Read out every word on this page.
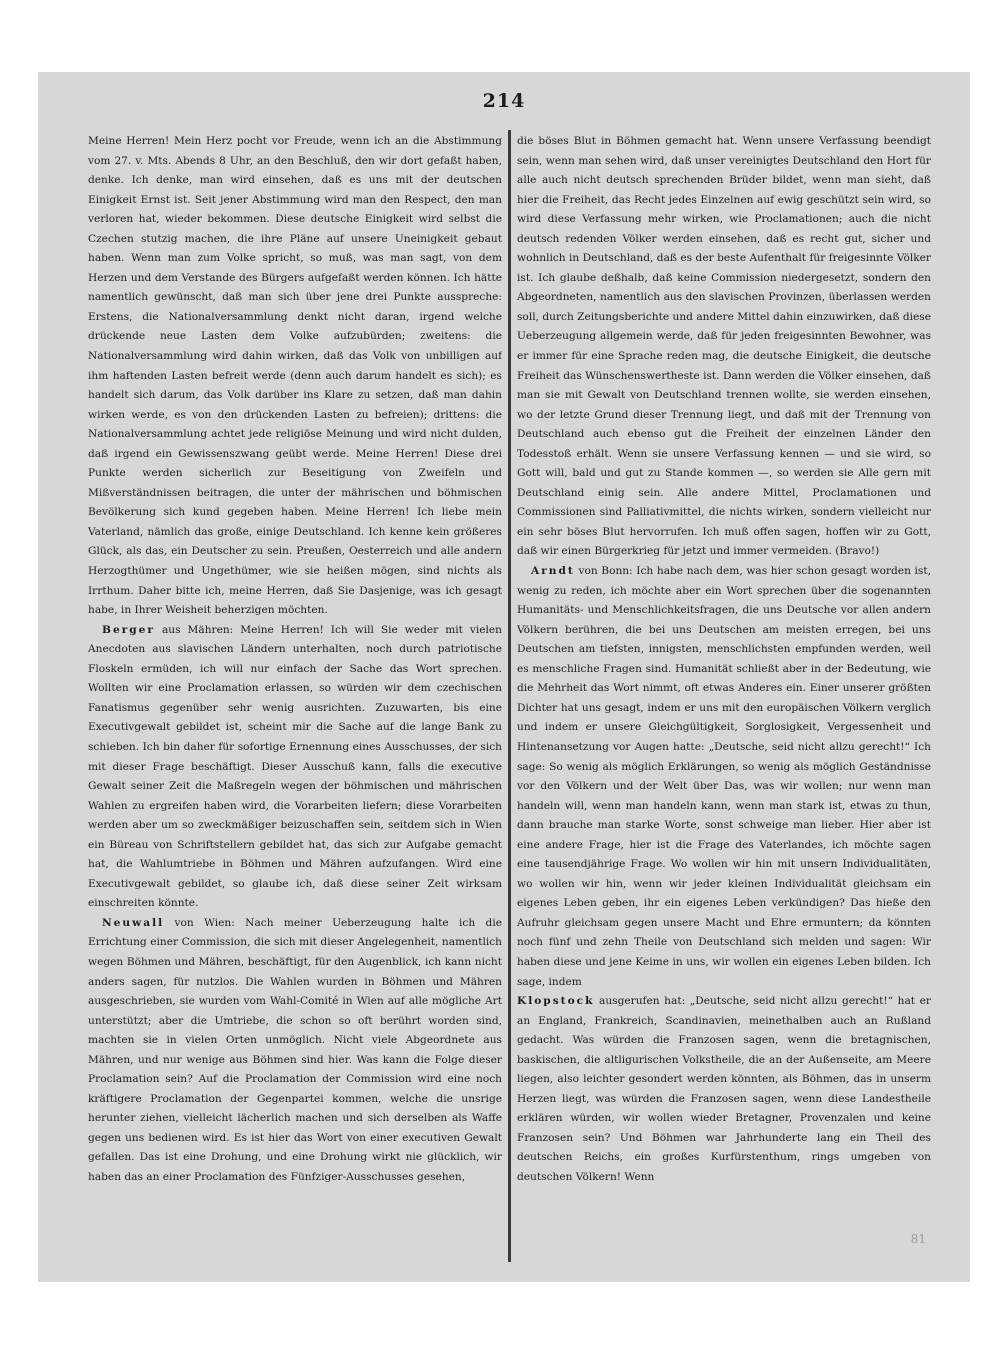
214

Meine Herren! Mein Herz pocht vor Freude, wenn ich an die Abstimmung vom 27. v. Mts. Abends 8 Uhr, an den Beschluß, den wir dort gefaßt haben, denke. Ich denke, man wird einsehen, daß es uns mit der deutschen Einigkeit Ernst ist. Seit jener Abstimmung wird man den Respect, den man verloren hat, wieder bekommen. Diese deutsche Einigkeit wird selbst die Czechen stutzig machen, die ihre Pläne auf unsere Uneinigkeit gebaut haben. Wenn man zum Volke spricht, so muß, was man sagt, von dem Herzen und dem Verstande des Bürgers aufgefaßt werden können. Ich hätte namentlich gewünscht, daß man sich über jene drei Punkte ausspreche: Erstens, die Nationalversammlung denkt nicht daran, irgend welche drückende neue Lasten dem Volke aufzubürden; zweitens: die Nationalversammlung wird dahin wirken, daß das Volk von unbilligen auf ihm haftenden Lasten befreit werde (denn auch darum handelt es sich); es handelt sich darum, das Volk darüber ins Klare zu setzen, daß man dahin wirken werde, es von den drückenden Lasten zu befreien); drittens: die Nationalversammlung achtet jede religiöse Meinung und wird nicht dulden, daß irgend ein Gewissenszwang geübt werde. Meine Herren! Diese drei Punkte werden sicherlich zur Beseitigung von Zweifeln und Mißverständnissen beitragen, die unter der mährischen und böhmischen Bevölkerung sich kund gegeben haben. Meine Herren! Ich liebe mein Vaterland, nämlich das große, einige Deutschland. Ich kenne kein größeres Glück, als das, ein Deutscher zu sein. Preußen, Oesterreich und alle andern Herzogthümer und Ungethümer, wie sie heißen mögen, sind nichts als Irrthum. Daher bitte ich, meine Herren, daß Sie Dasjenige, was ich gesagt habe, in Ihrer Weisheit beherzigen möchten.

Berger aus Mähren: Meine Herren! Ich will Sie weder mit vielen Anecdoten aus slavischen Ländern unterhalten, noch durch patriotische Floskeln ermüden, ich will nur einfach der Sache das Wort sprechen. Wollten wir eine Proclamation erlassen, so würden wir dem czechischen Fanatismus gegenüber sehr wenig ausrichten. Zuzuwarten, bis eine Executivgewalt gebildet ist, scheint mir die Sache auf die lange Bank zu schieben. Ich bin daher für sofortige Ernennung eines Ausschusses, der sich mit dieser Frage beschäftigt. Dieser Ausschuß kann, falls die executive Gewalt seiner Zeit die Maßregeln wegen der böhmischen und mährischen Wahlen zu ergreifen haben wird, die Vorarbeiten liefern; diese Vorarbeiten werden aber um so zweckmäßiger beizuschaffen sein, seitdem sich in Wien ein Büreau von Schriftstellern gebildet hat, das sich zur Aufgabe gemacht hat, die Wahlumtriebe in Böhmen und Mähren aufzufangen. Wird eine Executivgewalt gebildet, so glaube ich, daß diese seiner Zeit wirksam einschreiten könnte.

Neuwall von Wien: Nach meiner Ueberzeugung halte ich die Errichtung einer Commission, die sich mit dieser Angelegenheit, namentlich wegen Böhmen und Mähren, beschäftigt, für den Augenblick, ich kann nicht anders sagen, für nutzlos. Die Wahlen wurden in Böhmen und Mähren ausgeschrieben, sie wurden vom Wahl-Comité in Wien auf alle mögliche Art unterstützt; aber die Umtriebe, die schon so oft berührt worden sind, machten sie in vielen Orten unmöglich. Nicht viele Abgeordnete aus Mähren, und nur wenige aus Böhmen sind hier. Was kann die Folge dieser Proclamation sein? Auf die Proclamation der Commission wird eine noch kräftigere Proclamation der Gegenpartei kommen, welche die unsrige herunter ziehen, vielleicht lächerlich machen und sich derselben als Waffe gegen uns bedienen wird. Es ist hier das Wort von einer executiven Gewalt gefallen. Das ist eine Drohung, und eine Drohung wirkt nie glücklich, wir haben das an einer Proclamation des Fünfziger-Ausschusses gesehen,

die böses Blut in Böhmen gemacht hat. Wenn unsere Verfassung beendigt sein, wenn man sehen wird, daß unser vereinigtes Deutschland den Hort für alle auch nicht deutsch sprechenden Brüder bildet, wenn man sieht, daß hier die Freiheit, das Recht jedes Einzelnen auf ewig geschützt sein wird, so wird diese Verfassung mehr wirken, wie Proclamationen; auch die nicht deutsch redenden Völker werden einsehen, daß es recht gut, sicher und wohnlich in Deutschland, daß es der beste Aufenthalt für freigesinnte Völker ist. Ich glaube deßhalb, daß keine Commission niedergesetzt, sondern den Abgeordneten, namentlich aus den slavischen Provinzen, überlassen werden soll, durch Zeitungsberichte und andere Mittel dahin einzuwirken, daß diese Ueberzeugung allgemein werde, daß für jeden freigesinnten Bewohner, was er immer für eine Sprache reden mag, die deutsche Einigkeit, die deutsche Freiheit das Wünschenswertheste ist. Dann werden die Völker einsehen, daß man sie mit Gewalt von Deutschland trennen wollte, sie werden einsehen, wo der letzte Grund dieser Trennung liegt, und daß mit der Trennung von Deutschland auch ebenso gut die Freiheit der einzelnen Länder den Todesstoß erhält. Wenn sie unsere Verfassung kennen — und sie wird, so Gott will, bald und gut zu Stande kommen —, so werden sie Alle gern mit Deutschland einig sein. Alle andere Mittel, Proclamationen und Commissionen sind Palliativmittel, die nichts wirken, sondern vielleicht nur ein sehr böses Blut hervorrufen. Ich muß offen sagen, hoffen wir zu Gott, daß wir einen Bürgerkrieg für jetzt und immer vermeiden. (Bravo!)

Arndt von Bonn: Ich habe nach dem, was hier schon gesagt worden ist, wenig zu reden, ich möchte aber ein Wort sprechen über die sogenannten Humanitäts- und Menschlichkeitsfragen, die uns Deutsche vor allen andern Völkern berühren, die bei uns Deutschen am meisten erregen, bei uns Deutschen am tiefsten, innigsten, menschlichsten empfunden werden, weil es menschliche Fragen sind. Humanität schließt aber in der Bedeutung, wie die Mehrheit das Wort nimmt, oft etwas Anderes ein. Einer unserer größten Dichter hat uns gesagt, indem er uns mit den europäischen Völkern verglich und indem er unsere Gleichgültigkeit, Sorglosigkeit, Vergessenheit und Hintenansetzung vor Augen hatte: „Deutsche, seid nicht allzu gerecht!“ Ich sage: So wenig als möglich Erklärungen, so wenig als möglich Geständnisse vor den Völkern und der Welt über Das, was wir wollen; nur wenn man handeln will, wenn man handeln kann, wenn man stark ist, etwas zu thun, dann brauche man starke Worte, sonst schweige man lieber. Hier aber ist eine andere Frage, hier ist die Frage des Vaterlandes, ich möchte sagen eine tausendjährige Frage. Wo wollen wir hin mit unsern Individualitäten, wo wollen wir hin, wenn wir jeder kleinen Individualität gleichsam ein eigenes Leben geben, ihr ein eigenes Leben verkündigen? Das hieße den Aufruhr gleichsam gegen unsere Macht und Ehre ermuntern; da könnten noch fünf und zehn Theile von Deutschland sich melden und sagen: Wir haben diese und jene Keime in uns, wir wollen ein eigenes Leben bilden. Ich sage, indem

Klopstock ausgerufen hat: „Deutsche, seid nicht allzu gerecht!“ hat er an England, Frankreich, Scandinavien, meinethalben auch an Rußland gedacht. Was würden die Franzosen sagen, wenn die bretagnischen, baskischen, die altligurischen Volkstheile, die an der Außenseite, am Meere liegen, also leichter gesondert werden könnten, als Böhmen, das in unserm Herzen liegt, was würden die Franzosen sagen, wenn diese Landestheile erklären würden, wir wollen wieder Bretagner, Provenzalen und keine Franzosen sein? Und Böhmen war Jahrhunderte lang ein Theil des deutschen Reichs, ein großes Kurfürstenthum, rings umgeben von deutschen Völkern! Wenn

81
